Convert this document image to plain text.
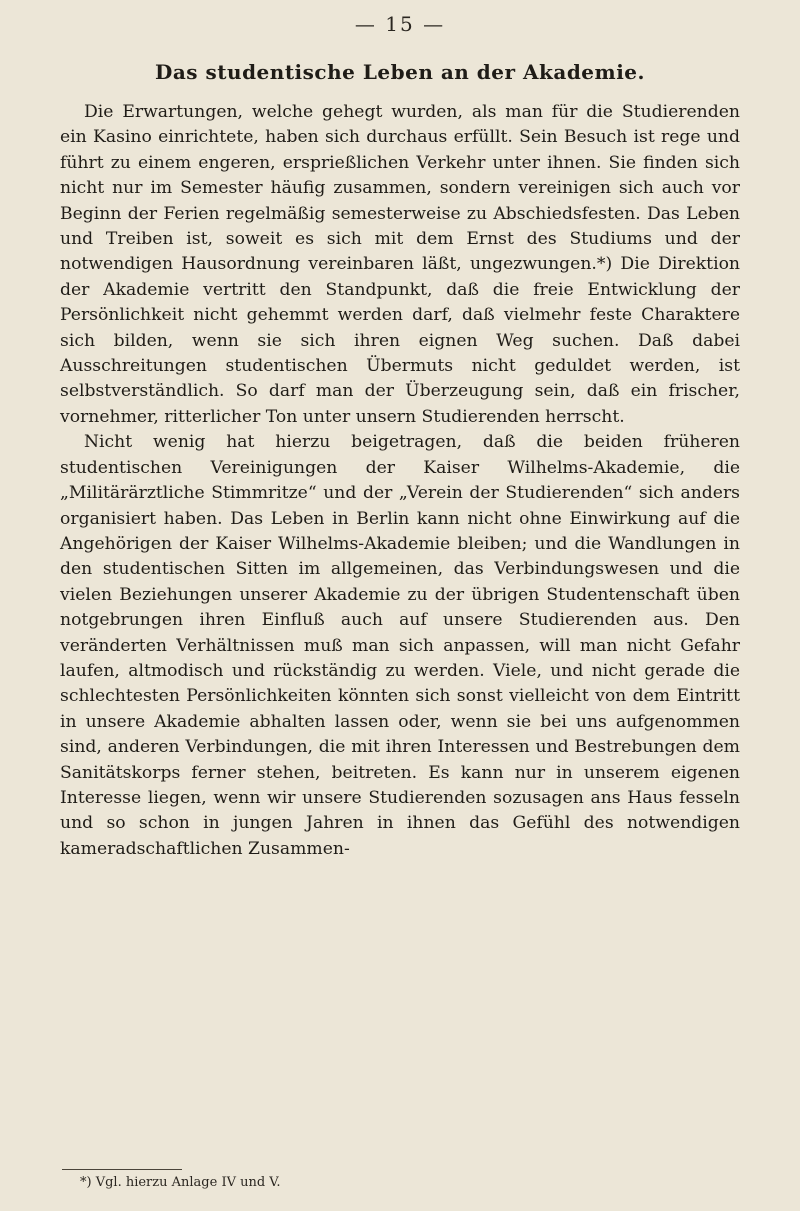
— 15 —
Das studentische Leben an der Akademie.

Die Erwartungen, welche gehegt wurden, als man für die Studierenden ein Kasino einrichtete, haben sich durchaus erfüllt. Sein Besuch ist rege und führt zu einem engeren, ersprießlichen Verkehr unter ihnen. Sie finden sich nicht nur im Semester häufig zusammen, sondern vereinigen sich auch vor Beginn der Ferien regelmäßig semesterweise zu Abschiedsfesten. Das Leben und Treiben ist, soweit es sich mit dem Ernst des Studiums und der notwendigen Hausordnung vereinbaren läßt, ungezwungen.*) Die Direktion der Akademie vertritt den Standpunkt, daß die freie Entwicklung der Persönlichkeit nicht gehemmt werden darf, daß vielmehr feste Charaktere sich bilden, wenn sie sich ihren eignen Weg suchen. Daß dabei Ausschreitungen studentischen Übermuts nicht geduldet werden, ist selbstverständlich. So darf man der Überzeugung sein, daß ein frischer, vornehmer, ritterlicher Ton unter unsern Studierenden herrscht.

Nicht wenig hat hierzu beigetragen, daß die beiden früheren studentischen Vereinigungen der Kaiser Wilhelms-Akademie, die „Militärärztliche Stimmritze“ und der „Verein der Studierenden“ sich anders organisiert haben. Das Leben in Berlin kann nicht ohne Einwirkung auf die Angehörigen der Kaiser Wilhelms-Akademie bleiben; und die Wandlungen in den studentischen Sitten im allgemeinen, das Verbindungswesen und die vielen Beziehungen unserer Akademie zu der übrigen Studentenschaft üben notgebrungen ihren Einfluß auch auf unsere Studierenden aus. Den veränderten Verhältnissen muß man sich anpassen, will man nicht Gefahr laufen, altmodisch und rückständig zu werden. Viele, und nicht gerade die schlechtesten Persönlichkeiten könnten sich sonst vielleicht von dem Eintritt in unsere Akademie abhalten lassen oder, wenn sie bei uns aufgenommen sind, anderen Verbindungen, die mit ihren Interessen und Bestrebungen dem Sanitätskorps ferner stehen, beitreten. Es kann nur in unserem eigenen Interesse liegen, wenn wir unsere Studierenden sozusagen ans Haus fesseln und so schon in jungen Jahren in ihnen das Gefühl des notwendigen kameradschaftlichen Zusammen-

*) Vgl. hierzu Anlage IV und V.
